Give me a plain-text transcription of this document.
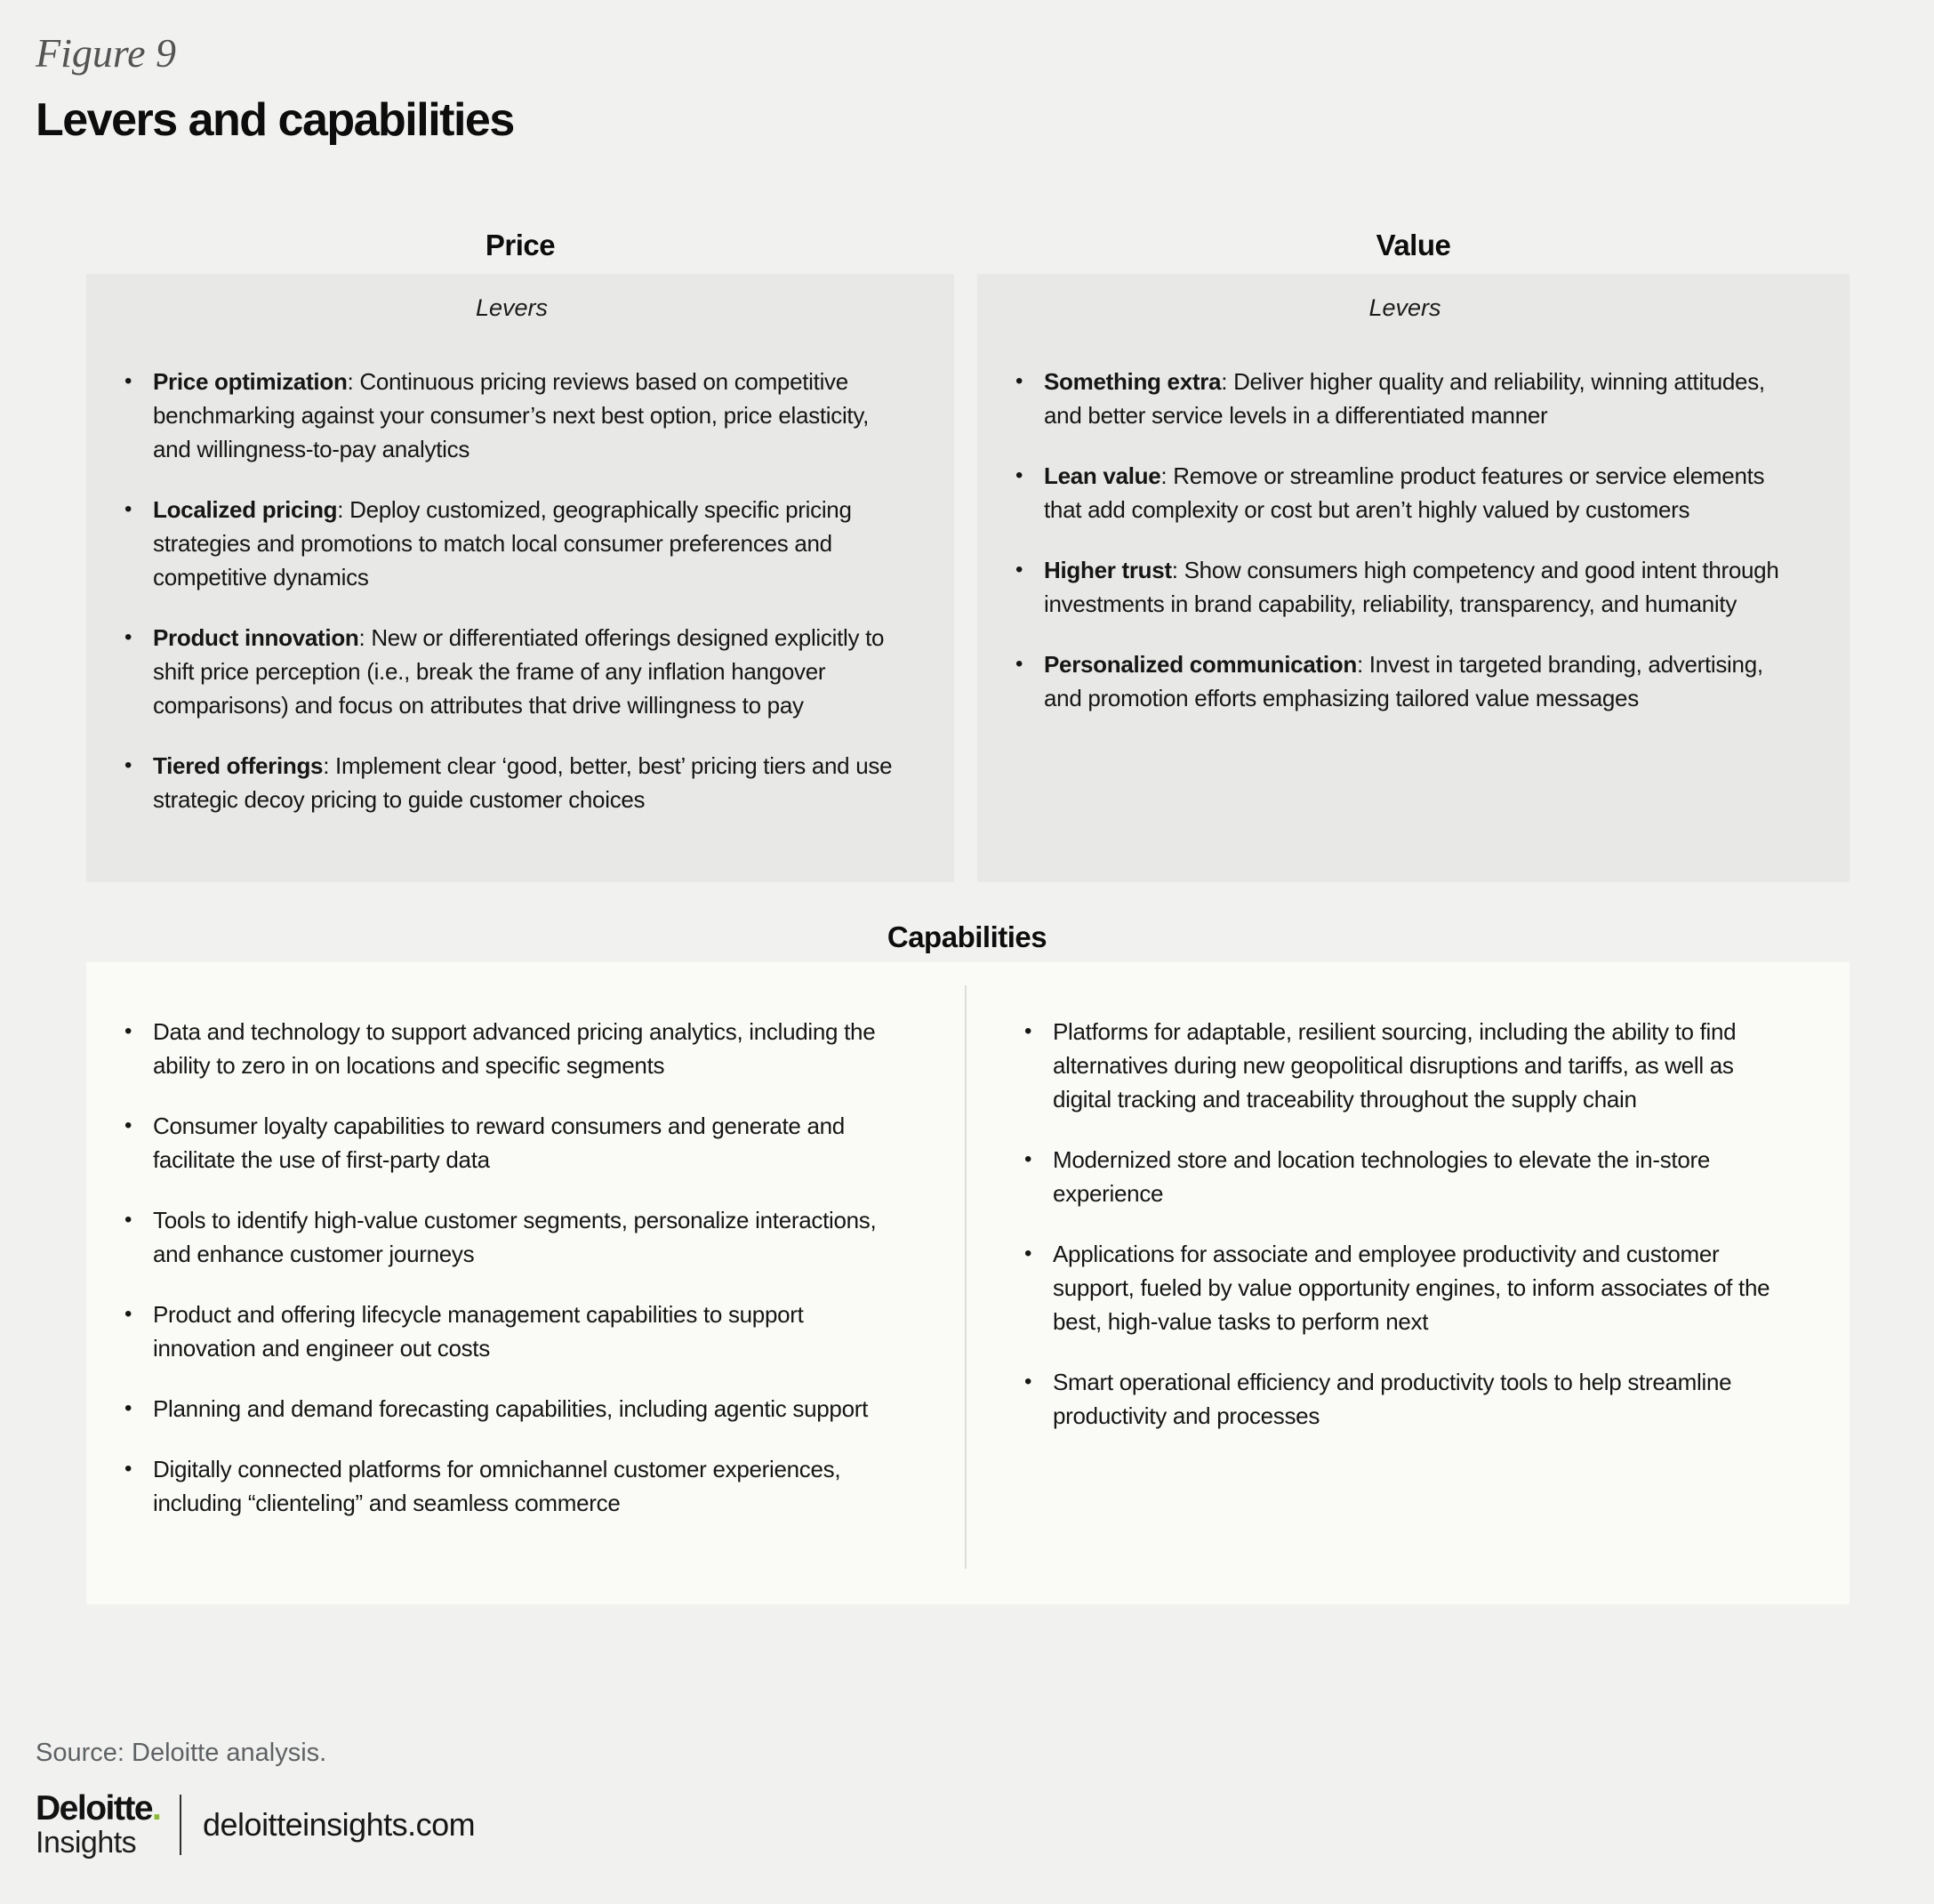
Figure 9
Levers and capabilities
Price
Levers
• Price optimization: Continuous pricing reviews based on competitive benchmarking against your consumer’s next best option, price elasticity, and willingness-to-pay analytics
• Localized pricing: Deploy customized, geographically specific pricing strategies and promotions to match local consumer preferences and competitive dynamics
• Product innovation: New or differentiated offerings designed explicitly to shift price perception (i.e., break the frame of any inflation hangover comparisons) and focus on attributes that drive willingness to pay
• Tiered offerings: Implement clear ‘good, better, best’ pricing tiers and use strategic decoy pricing to guide customer choices
Value
Levers
• Something extra: Deliver higher quality and reliability, winning attitudes, and better service levels in a differentiated manner
• Lean value: Remove or streamline product features or service elements that add complexity or cost but aren’t highly valued by customers
• Higher trust: Show consumers high competency and good intent through investments in brand capability, reliability, transparency, and humanity
• Personalized communication: Invest in targeted branding, advertising, and promotion efforts emphasizing tailored value messages
Capabilities
• Data and technology to support advanced pricing analytics, including the ability to zero in on locations and specific segments
• Consumer loyalty capabilities to reward consumers and generate and facilitate the use of first-party data
• Tools to identify high-value customer segments, personalize interactions, and enhance customer journeys
• Product and offering lifecycle management capabilities to support innovation and engineer out costs
• Planning and demand forecasting capabilities, including agentic support
• Digitally connected platforms for omnichannel customer experiences, including “clienteling” and seamless commerce
• Platforms for adaptable, resilient sourcing, including the ability to find alternatives during new geopolitical disruptions and tariffs, as well as digital tracking and traceability throughout the supply chain
• Modernized store and location technologies to elevate the in-store experience
• Applications for associate and employee productivity and customer support, fueled by value opportunity engines, to inform associates of the best, high-value tasks to perform next
• Smart operational efficiency and productivity tools to help streamline productivity and processes
Source: Deloitte analysis.
Deloitte.
Insights	deloitteinsights.com
